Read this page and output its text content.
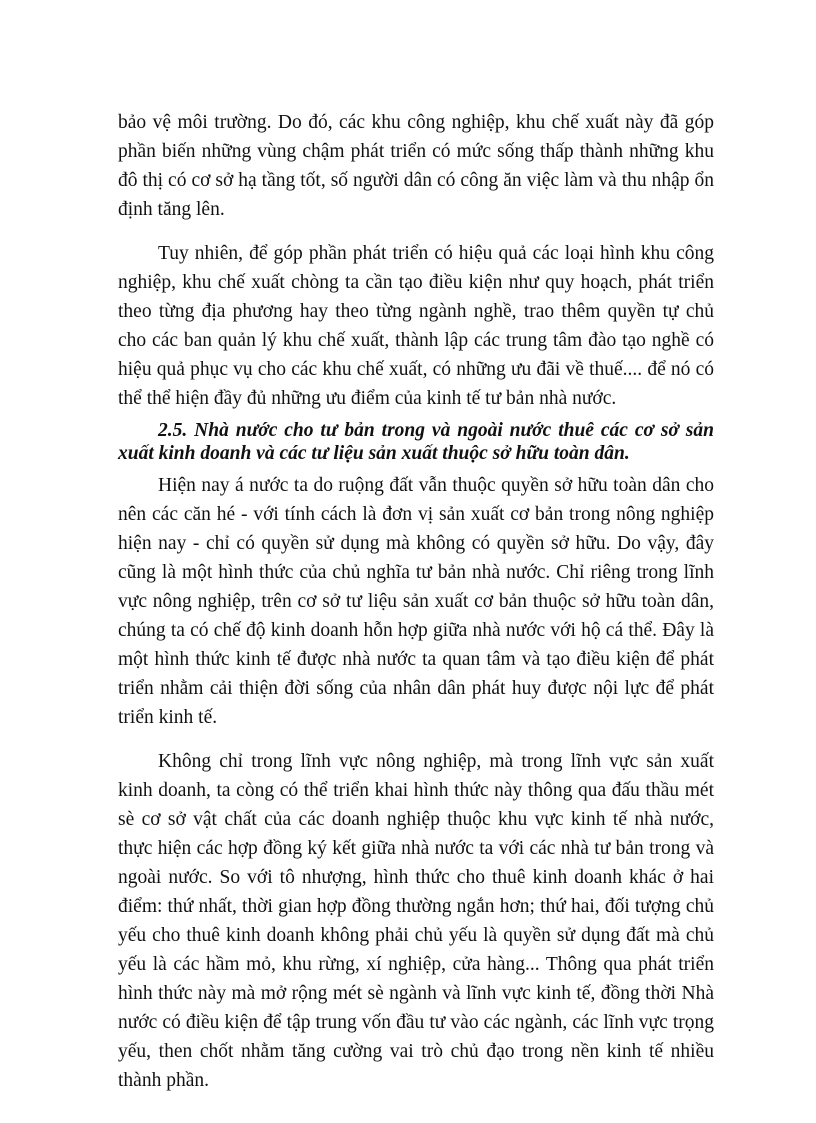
bảo vệ môi trường. Do đó, các khu công nghiệp, khu chế xuất này đã góp phần biến những vùng chậm phát triển có mức sống thấp thành những khu đô thị có cơ sở hạ tầng tốt, số người dân có công ăn việc làm và thu nhập ổn định tăng lên.

Tuy nhiên, để góp phần phát triển có hiệu quả các loại hình khu công nghiệp, khu chế xuất chòng ta cần tạo điều kiện như quy hoạch, phát triển theo từng địa phương hay theo từng ngành nghề, trao thêm quyền tự chủ cho các ban quản lý khu chế xuất, thành lập các trung tâm đào tạo nghề có hiệu quả phục vụ cho các khu chế xuất, có những ưu đãi về thuế.... để nó có thể thể hiện đầy đủ những ưu điểm của kinh tế tư bản nhà nước.

2.5. Nhà nước cho tư bản trong và ngoài nước thuê các cơ sở sản xuất kinh doanh và các tư liệu sản xuất thuộc sở hữu toàn dân.

Hiện nay á nước ta do ruộng đất vẫn thuộc quyền sở hữu toàn dân cho nên các căn hé - với tính cách là đơn vị sản xuất cơ bản trong nông nghiệp hiện nay - chỉ có quyền sử dụng mà không có quyền sở hữu. Do vậy, đây cũng là một hình thức của chủ nghĩa tư bản nhà nước. Chỉ riêng trong lĩnh vực nông nghiệp, trên cơ sở tư liệu sản xuất cơ bản thuộc sở hữu toàn dân, chúng ta có chế độ kinh doanh hỗn hợp giữa nhà nước với hộ cá thể. Đây là một hình thức kinh tế được nhà nước ta quan tâm và tạo điều kiện để phát triển nhằm cải thiện đời sống của nhân dân phát huy được nội lực để phát triển kinh tế.

Không chỉ trong lĩnh vực nông nghiệp, mà trong lĩnh vực sản xuất kinh doanh, ta còng có thể triển khai hình thức này thông qua đấu thầu mét sè cơ sở vật chất của các doanh nghiệp thuộc khu vực kinh tế nhà nước, thực hiện các hợp đồng ký kết giữa nhà nước ta với các nhà tư bản trong và ngoài nước. So với tô nhượng, hình thức cho thuê kinh doanh khác ở hai điểm: thứ nhất, thời gian hợp đồng thường ngắn hơn; thứ hai, đối tượng chủ yếu cho thuê kinh doanh không phải chủ yếu là quyền sử dụng đất mà chủ yếu là các hầm mỏ, khu rừng, xí nghiệp, cửa hàng... Thông qua phát triển hình thức này mà mở rộng mét sè ngành và lĩnh vực kinh tế, đồng thời Nhà nước có điều kiện để tập trung vốn đầu tư vào các ngành, các lĩnh vực trọng yếu, then chốt nhằm tăng cường vai trò chủ đạo trong nền kinh tế nhiều thành phần.
